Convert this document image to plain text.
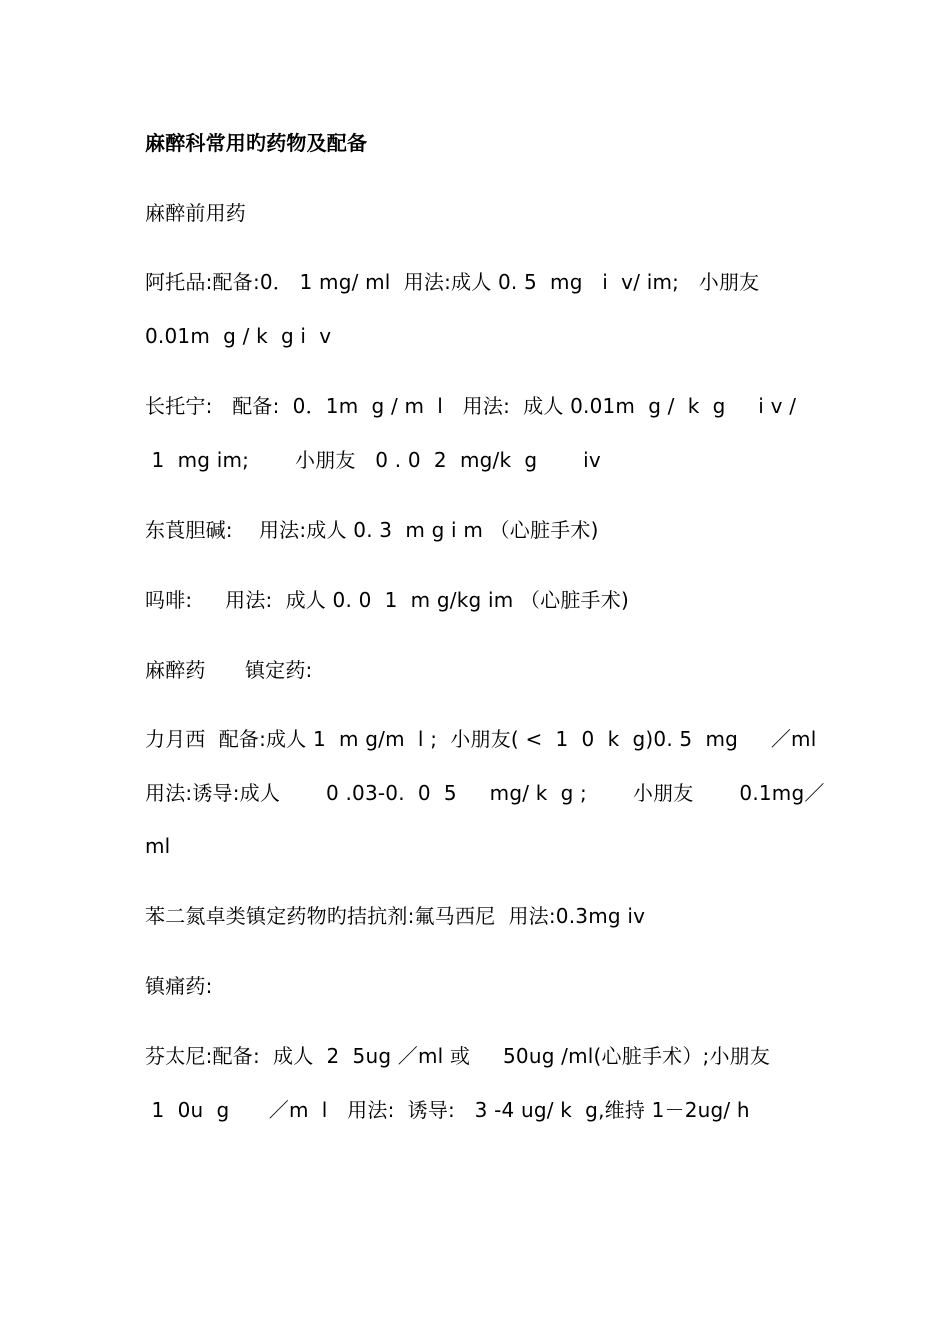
麻醉科常用旳药物及配备
麻醉前用药
阿托品:配备:0． 1 mg/ ml  用法:成人 0. 5  mg   i  v/ im;   小朋友
0.01m  g / k  g i  v
长托宁:   配备:  0．1m  g / m  l   用法:  成人 0.01m  g /  k  g     i v /
1  mg im;       小朋友   0 . 0  2  mg/k  g       iv
东莨胆碱:    用法:成人 0. 3  m g i m （心脏手术)
吗啡:     用法:  成人 0. 0  1  m g/kg im （心脏手术)
麻醉药      镇定药:
力月西  配备:成人 1  m g/m  l ;  小朋友( <  1  0  k  g)0. 5  mg     ／ml
用法:诱导:成人       0 .03-0.  0  5     mg/ k  g ;       小朋友       0.1mg／
ml
苯二氮卓类镇定药物旳拮抗剂:氟马西尼  用法:0.3mg iv
镇痛药:
芬太尼:配备:  成人  2  5ug ／ml 或     50ug /ml(心脏手术）;小朋友
1  0u  g      ／m  l   用法:  诱导:   3 -4 ug/ k  g,维持 1－2ug/ h
